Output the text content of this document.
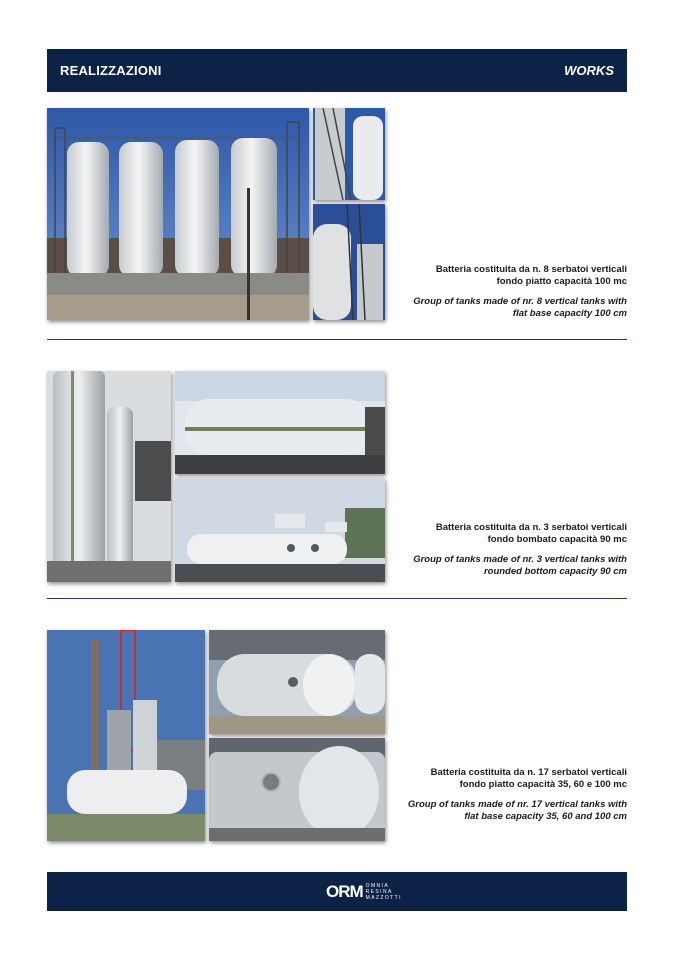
REALIZZAZIONI	WORKS
Batteria costituita da n. 8 serbatoi verticali fondo piatto capacità 100 mc
Group of tanks made of nr. 8 vertical tanks with flat base capacity 100 cm
Batteria costituita da n. 3 serbatoi verticali fondo bombato capacità 90 mc
Group of tanks made of nr. 3 vertical tanks with rounded bottom capacity 90 cm
Batteria costituita da n. 17 serbatoi verticali fondo piatto capacità 35, 60 e 100 mc
Group of tanks made of nr. 17 vertical tanks with flat base capacity 35, 60 and 100 cm
ORM OMNIA
RESINA
MAZZOTTI
